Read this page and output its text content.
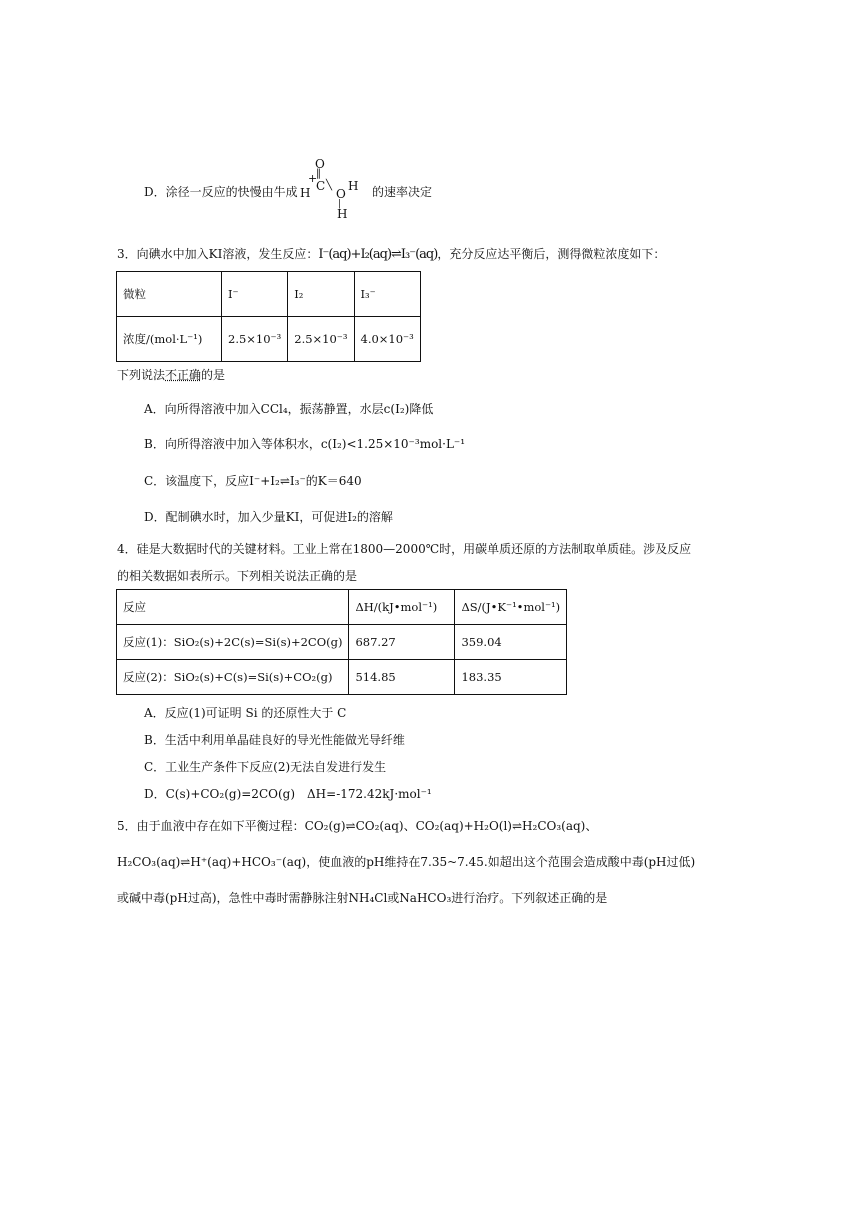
D．涂径一反应的快慢由牛成
O
‖
+
C
H
╲
O
H
|
H
的速率决定
3．向碘水中加入KI溶液，发生反应：I⁻(aq)+I₂(aq)⇌I₃⁻(aq)，充分反应达平衡后，测得微粒浓度如下：
微粒	I⁻	I₂	I₃⁻
浓度/(mol·L⁻¹)	2.5×10⁻³	2.5×10⁻³	4.0×10⁻³
下列说法不正确的是
A．向所得溶液中加入CCl₄，振荡静置，水层c(I₂)降低
B．向所得溶液中加入等体积水，c(I₂)<1.25×10⁻³mol·L⁻¹
C．该温度下，反应I⁻+I₂⇌I₃⁻的K＝640
D．配制碘水时，加入少量KI，可促进I₂的溶解
4．硅是大数据时代的关键材料。工业上常在1800—2000℃时，用碳单质还原的方法制取单质硅。涉及反应
的相关数据如表所示。下列相关说法正确的是
反应	ΔH/(kJ•mol⁻¹)	ΔS/(J•K⁻¹•mol⁻¹)
反应(1)：SiO₂(s)+2C(s)=Si(s)+2CO(g)	687.27	359.04
反应(2)：SiO₂(s)+C(s)=Si(s)+CO₂(g)	514.85	183.35
A．反应(1)可证明 Si 的还原性大于 C
B．生活中利用单晶硅良好的导光性能做光导纤维
C．工业生产条件下反应(2)无法自发进行发生
D．C(s)+CO₂(g)=2CO(g)　ΔH=-172.42kJ·mol⁻¹
5．由于血液中存在如下平衡过程：CO₂(g)⇌CO₂(aq)、CO₂(aq)+H₂O(l)⇌H₂CO₃(aq)、
H₂CO₃(aq)⇌H⁺(aq)+HCO₃⁻(aq)，使血液的pH维持在7.35~7.45.如超出这个范围会造成酸中毒(pH过低)
或碱中毒(pH过高)，急性中毒时需静脉注射NH₄Cl或NaHCO₃进行治疗。下列叙述正确的是
